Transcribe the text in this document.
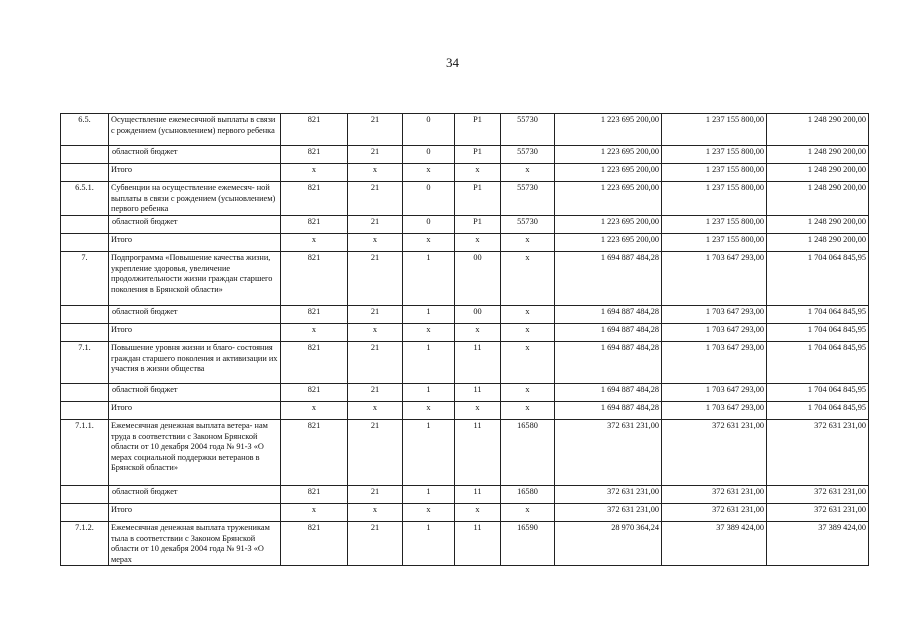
34
6.5.	Осуществление ежемесячной выплаты в связи с рождением (усыновлением) первого ребенка	821	21	0	P1	55730	1 223 695 200,00	1 237 155 800,00	1 248 290 200,00
	областной бюджет	821	21	0	P1	55730	1 223 695 200,00	1 237 155 800,00	1 248 290 200,00
	Итого	x	x	x	x	x	1 223 695 200,00	1 237 155 800,00	1 248 290 200,00
6.5.1.	Субвенции на осуществление ежемесяч- ной выплаты в связи с рождением (усыновлением) первого ребенка	821	21	0	P1	55730	1 223 695 200,00	1 237 155 800,00	1 248 290 200,00
	областной бюджет	821	21	0	P1	55730	1 223 695 200,00	1 237 155 800,00	1 248 290 200,00
	Итого	x	x	x	x	x	1 223 695 200,00	1 237 155 800,00	1 248 290 200,00
7.	Подпрограмма «Повышение качества жизни, укрепление здоровья, увеличение продолжительности жизни граждан старшего поколения в Брянской области»	821	21	1	00	x	1 694 887 484,28	1 703 647 293,00	1 704 064 845,95
	областной бюджет	821	21	1	00	x	1 694 887 484,28	1 703 647 293,00	1 704 064 845,95
	Итого	x	x	x	x	x	1 694 887 484,28	1 703 647 293,00	1 704 064 845,95
7.1.	Повышение уровня жизни и благо- состояния граждан старшего поколения и активизации их участия в жизни общества	821	21	1	11	x	1 694 887 484,28	1 703 647 293,00	1 704 064 845,95
	областной бюджет	821	21	1	11	x	1 694 887 484,28	1 703 647 293,00	1 704 064 845,95
	Итого	x	x	x	x	x	1 694 887 484,28	1 703 647 293,00	1 704 064 845,95
7.1.1.	Ежемесячная денежная выплата ветера- нам труда в соответствии с Законом Брянской области от 10 декабря 2004 года № 91-З «О мерах социальной поддержки ветеранов в Брянской области»	821	21	1	11	16580	372 631 231,00	372 631 231,00	372 631 231,00
	областной бюджет	821	21	1	11	16580	372 631 231,00	372 631 231,00	372 631 231,00
	Итого	x	x	x	x	x	372 631 231,00	372 631 231,00	372 631 231,00
7.1.2.	Ежемесячная денежная выплата труженикам тыла в соответствии с Законом Брянской области от 10 декабря 2004 года № 91-З «О мерах	821	21	1	11	16590	28 970 364,24	37 389 424,00	37 389 424,00
